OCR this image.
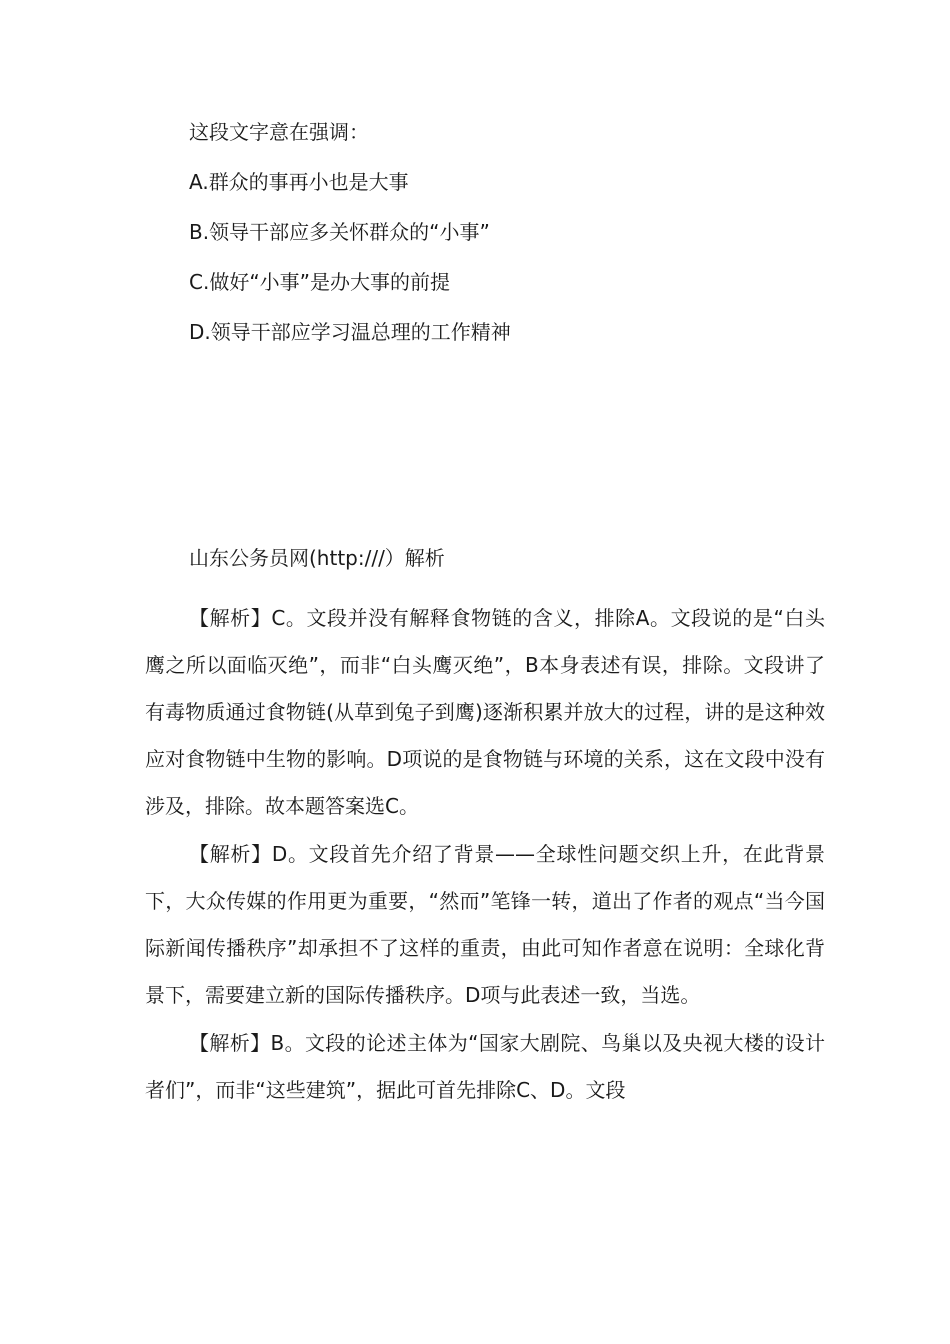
这段文字意在强调：
A.群众的事再小也是大事
B.领导干部应多关怀群众的“小事”
C.做好“小事”是办大事的前提
D.领导干部应学习温总理的工作精神
山东公务员网(http:///）解析

【解析】C。文段并没有解释食物链的含义，排除A。文段说的是“白头鹰之所以面临灭绝”，而非“白头鹰灭绝”，B本身表述有误，排除。文段讲了有毒物质通过食物链(从草到兔子到鹰)逐渐积累并放大的过程，讲的是这种效应对食物链中生物的影响。D项说的是食物链与环境的关系，这在文段中没有涉及，排除。故本题答案选C。

【解析】D。文段首先介绍了背景——全球性问题交织上升，在此背景下，大众传媒的作用更为重要，“然而”笔锋一转，道出了作者的观点“当今国际新闻传播秩序”却承担不了这样的重责，由此可知作者意在说明：全球化背景下，需要建立新的国际传播秩序。D项与此表述一致，当选。

【解析】B。文段的论述主体为“国家大剧院、鸟巢以及央视大楼的设计者们”，而非“这些建筑”，据此可首先排除C、D。文段
